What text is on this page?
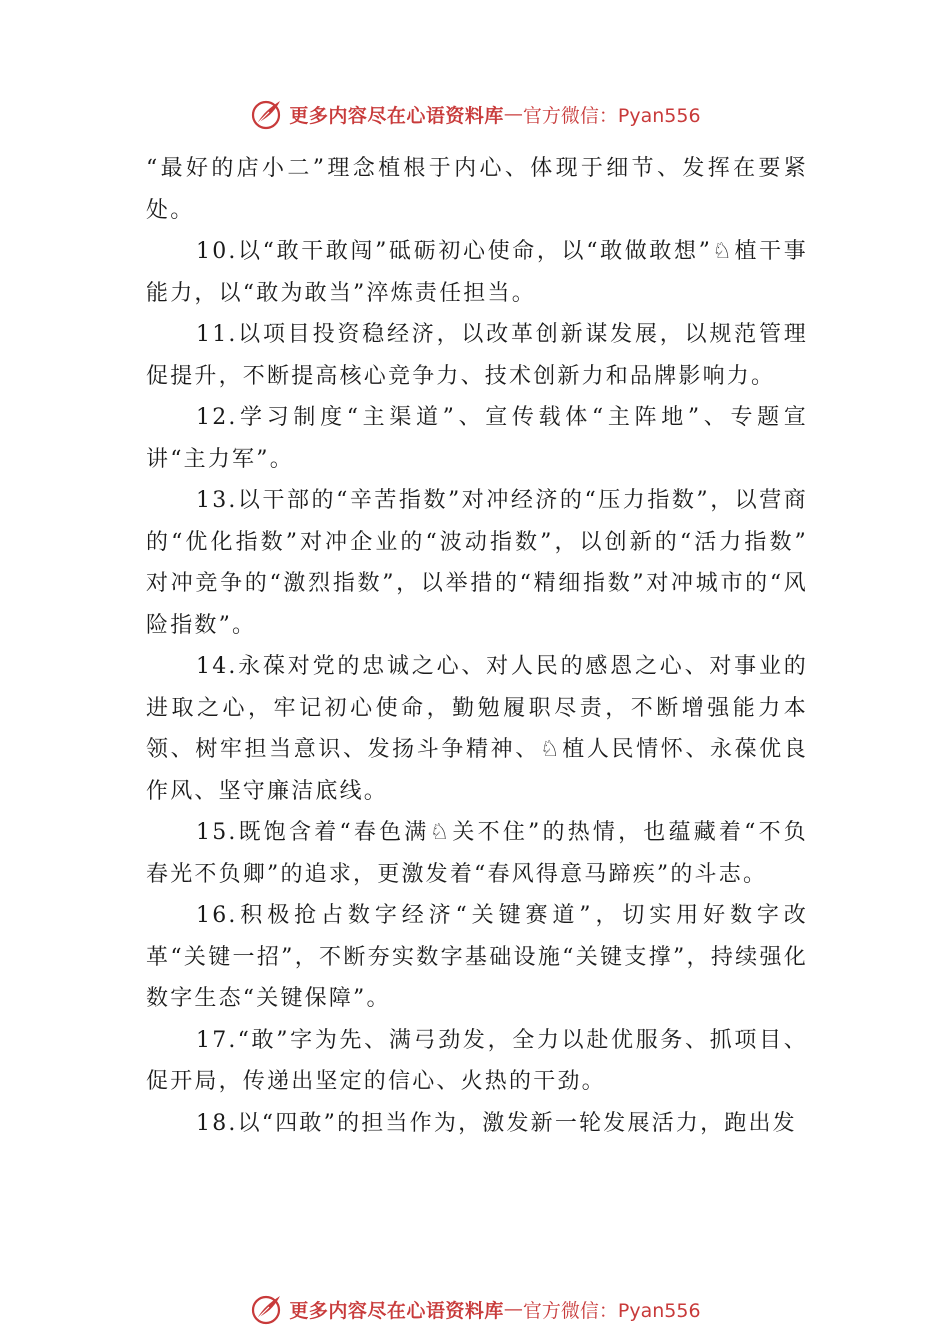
更多内容尽在心语资料库 — 官方微信：Pyan556

“最好的店小二”理念植根于内心、体现于细节、发挥在要紧处。

10.以“敢干敢闯”砥砺初心使命，以“敢做敢想”♘植干事能力，以“敢为敢当”淬炼责任担当。

11.以项目投资稳经济，以改革创新谋发展，以规范管理促提升，不断提高核心竞争力、技术创新力和品牌影响力。

12.学习制度“主渠道”、宣传载体“主阵地”、专题宣讲“主力军”。

13.以干部的“辛苦指数”对冲经济的“压力指数”，以营商的“优化指数”对冲企业的“波动指数”，以创新的“活力指数” 对冲竞争的“激烈指数”，以举措的“精细指数”对冲城市的“风险指数”。

14.永葆对党的忠诚之心、对人民的感恩之心、对事业的进取之心，牢记初心使命，勤勉履职尽责，不断增强能力本领、树牢担当意识、发扬斗争精神、♘植人民情怀、永葆优良作风、坚守廉洁底线。

15.既饱含着“春色满♘关不住”的热情，也蕴藏着“不负春光不负卿”的追求，更激发着“春风得意马蹄疾”的斗志。

16.积极抢占数字经济“关键赛道”，切实用好数字改革“关键一招”，不断夯实数字基础设施“关键支撑”，持续强化数字生态“关键保障”。

17.“敢”字为先、满弓劲发，全力以赴优服务、抓项目、促开局，传递出坚定的信心、火热的干劲。

18.以“四敢”的担当作为，激发新一轮发展活力，跑出发

更多内容尽在心语资料库 — 官方微信：Pyan556
